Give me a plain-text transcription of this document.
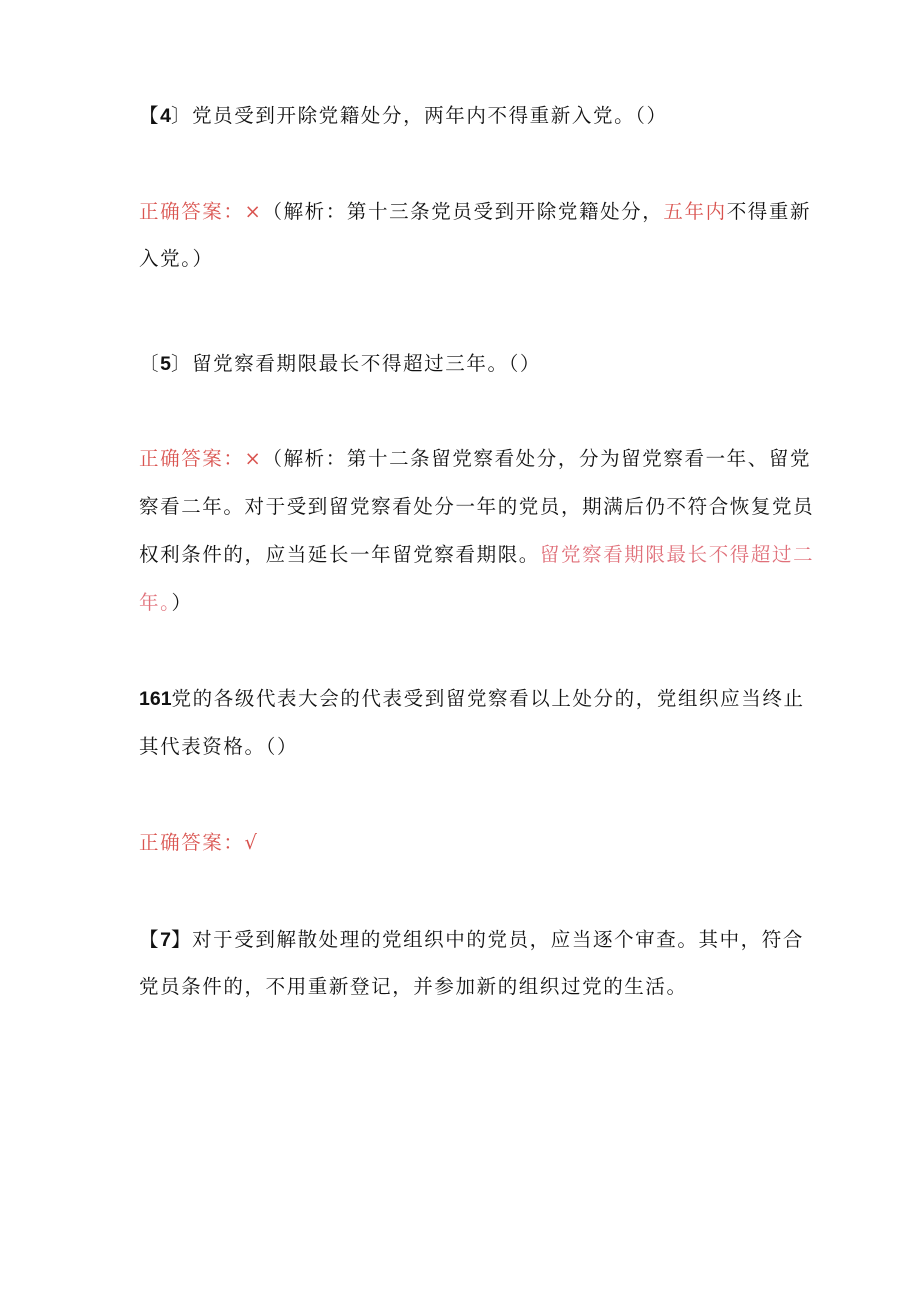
【4〕党员受到开除党籍处分，两年内不得重新入党。（）
正确答案：×（解析：第十三条党员受到开除党籍处分，五年内不得重新
入党。）
〔5〕留党察看期限最长不得超过三年。（）
正确答案：×（解析：第十二条留党察看处分，分为留党察看一年、留党
察看二年。对于受到留党察看处分一年的党员，期满后仍不符合恢复党员
权利条件的，应当延长一年留党察看期限。留党察看期限最长不得超过二
年。）
161党的各级代表大会的代表受到留党察看以上处分的，党组织应当终止
其代表资格。（）
正确答案：√
【7】对于受到解散处理的党组织中的党员，应当逐个审查。其中，符合
党员条件的，不用重新登记，并参加新的组织过党的生活。
